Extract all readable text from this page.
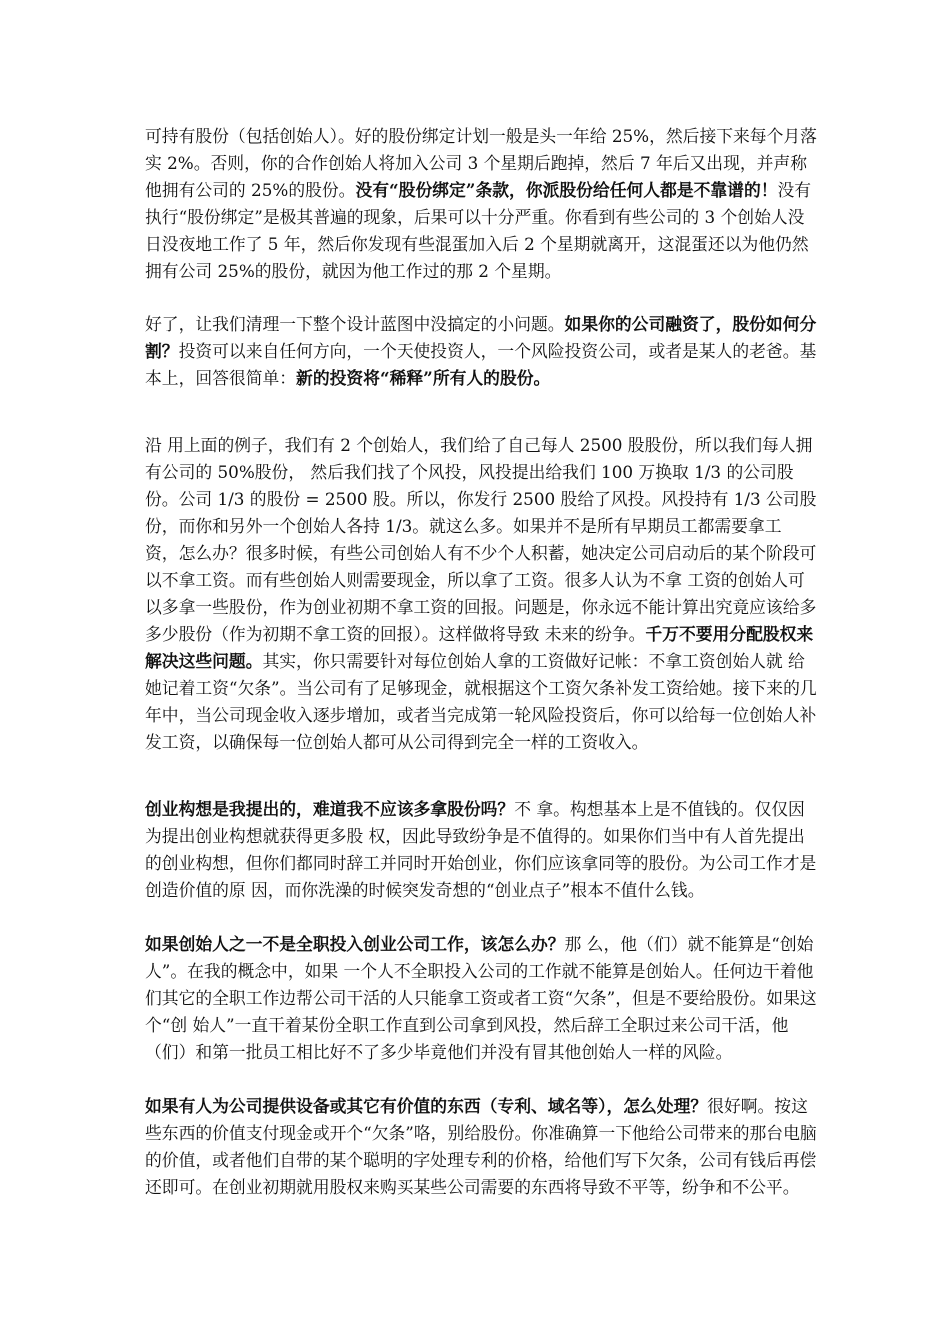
可持有股份（包括创始人）。好的股份绑定计划一般是头一年给 25%，然后接下来每个月落实 2%。否则，你的合作创始人将加入公司 3 个星期后跑掉，然后 7 年后又出现，并声称他拥有公司的 25%的股份。没有“股份绑定”条款，你派股份给任何人都是不靠谱的！没有执行“股份绑定”是极其普遍的现象，后果可以十分严重。你看到有些公司的 3 个创始人没日没夜地工作了 5 年，然后你发现有些混蛋加入后 2 个星期就离开，这混蛋还以为他仍然拥有公司 25%的股份，就因为他工作过的那 2 个星期。

好了，让我们清理一下整个设计蓝图中没搞定的小问题。如果你的公司融资了，股份如何分割？投资可以来自任何方向，一个天使投资人，一个风险投资公司，或者是某人的老爸。基本上，回答很简单：新的投资将“稀释”所有人的股份。

沿 用上面的例子，我们有 2 个创始人，我们给了自己每人 2500 股股份，所以我们每人拥有公司的 50%股份， 然后我们找了个风投，风投提出给我们 100 万换取 1/3 的公司股份。公司 1/3 的股份 = 2500 股。所以，你发行 2500 股给了风投。风投持有 1/3 公司股份，而你和另外一个创始人各持 1/3。就这么多。如果并不是所有早期员工都需要拿工 资，怎么办？很多时候，有些公司创始人有不少个人积蓄，她决定公司启动后的某个阶段可以不拿工资。而有些创始人则需要现金，所以拿了工资。很多人认为不拿 工资的创始人可以多拿一些股份，作为创业初期不拿工资的回报。问题是，你永远不能计算出究竟应该给多多少股份（作为初期不拿工资的回报）。这样做将导致 未来的纷争。千万不要用分配股权来解决这些问题。其实，你只需要针对每位创始人拿的工资做好记帐：不拿工资创始人就 给 她记着工资“欠条”。当公司有了足够现金，就根据这个工资欠条补发工资给她。接下来的几年中，当公司现金收入逐步增加，或者当完成第一轮风险投资后，你可以给每一位创始人补发工资，以确保每一位创始人都可从公司得到完全一样的工资收入。

创业构想是我提出的，难道我不应该多拿股份吗？不 拿。构想基本上是不值钱的。仅仅因为提出创业构想就获得更多股 权，因此导致纷争是不值得的。如果你们当中有人首先提出的创业构想，但你们都同时辞工并同时开始创业，你们应该拿同等的股份。为公司工作才是创造价值的原 因，而你洗澡的时候突发奇想的“创业点子”根本不值什么钱。

如果创始人之一不是全职投入创业公司工作，该怎么办？那 么，他（们）就不能算是“创始人”。在我的概念中，如果 一个人不全职投入公司的工作就不能算是创始人。任何边干着他们其它的全职工作边帮公司干活的人只能拿工资或者工资“欠条”，但是不要给股份。如果这个“创 始人”一直干着某份全职工作直到公司拿到风投，然后辞工全职过来公司干活，他（们）和第一批员工相比好不了多少毕竟他们并没有冒其他创始人一样的风险。

如果有人为公司提供设备或其它有价值的东西（专利、域名等），怎么处理？很好啊。按这些东西的价值支付现金或开个“欠条”咯，别给股份。你准确算一下他给公司带来的那台电脑的价值，或者他们自带的某个聪明的字处理专利的价格，给他们写下欠条，公司有钱后再偿还即可。在创业初期就用股权来购买某些公司需要的东西将导致不平等，纷争和不公平。
